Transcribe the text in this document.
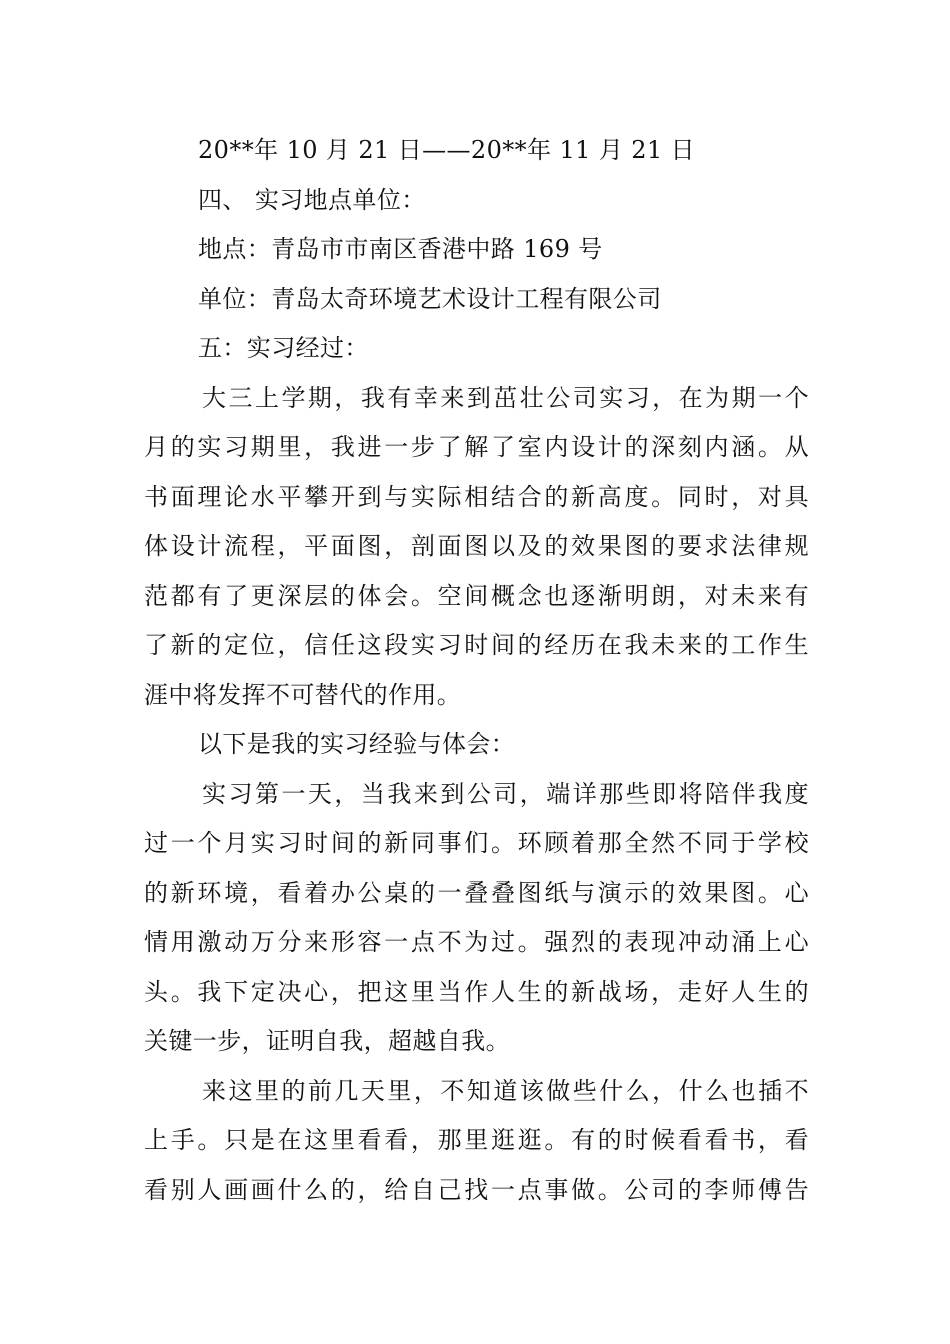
20**年 10 月 21 日——20**年 11 月 21 日
四、 实习地点单位：
地点：青岛市市南区香港中路 169 号
单位：青岛太奇环境艺术设计工程有限公司
五：实习经过：
大三上学期，我有幸来到茁壮公司实习，在为期一个
月的实习期里，我进一步了解了室内设计的深刻内涵。从
书面理论水平攀开到与实际相结合的新高度。同时，对具
体设计流程，平面图，剖面图以及的效果图的要求法律规
范都有了更深层的体会。空间概念也逐渐明朗，对未来有
了新的定位，信任这段实习时间的经历在我未来的工作生
涯中将发挥不可替代的作用。
以下是我的实习经验与体会：
实习第一天，当我来到公司，端详那些即将陪伴我度
过一个月实习时间的新同事们。环顾着那全然不同于学校
的新环境，看着办公桌的一叠叠图纸与演示的效果图。心
情用激动万分来形容一点不为过。强烈的表现冲动涌上心
头。我下定决心，把这里当作人生的新战场，走好人生的
关键一步，证明自我，超越自我。
来这里的前几天里，不知道该做些什么，什么也插不
上手。只是在这里看看，那里逛逛。有的时候看看书，看
看别人画画什么的，给自己找一点事做。公司的李师傅告
